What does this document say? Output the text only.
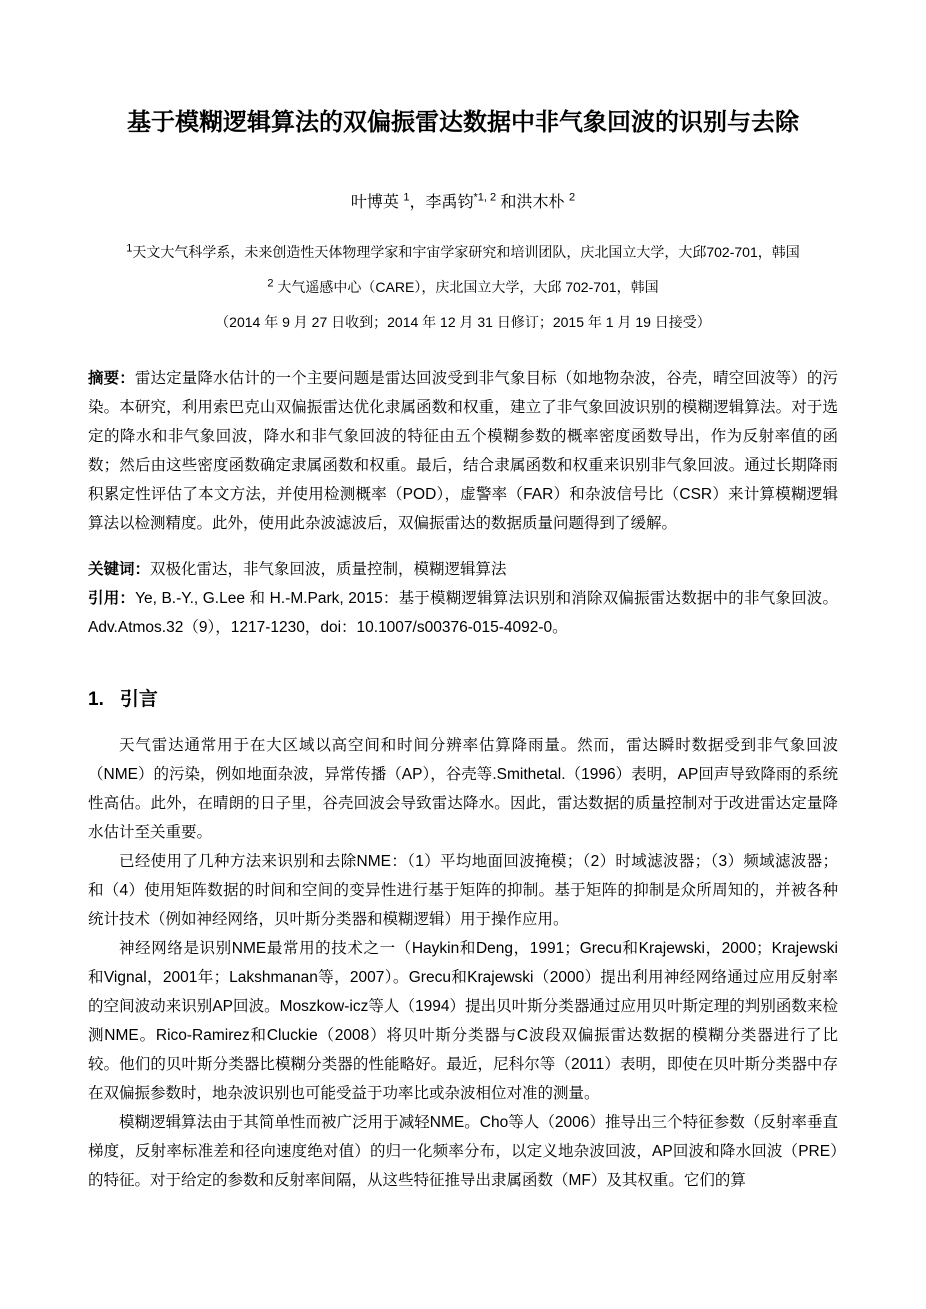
基于模糊逻辑算法的双偏振雷达数据中非气象回波的识别与去除
叶博英 $^1$，李禹钧$^{*1, 2}$ 和洪木朴 $^2$
$^1$天文大气科学系，未来创造性天体物理学家和宇宙学家研究和培训团队，庆北国立大学，大邱702-701，韩国
$^2$ 大气遥感中心（CARE），庆北国立大学，大邱 702-701，韩国
（2014 年 9 月 27 日收到；2014 年 12 月 31 日修订；2015 年 1 月 19 日接受）

摘要：雷达定量降水估计的一个主要问题是雷达回波受到非气象目标（如地物杂波，谷壳，晴空回波等）的污染。本研究，利用索巴克山双偏振雷达优化隶属函数和权重，建立了非气象回波识别的模糊逻辑算法。对于选定的降水和非气象回波，降水和非气象回波的特征由五个模糊参数的概率密度函数导出，作为反射率值的函数；然后由这些密度函数确定隶属函数和权重。最后，结合隶属函数和权重来识别非气象回波。通过长期降雨积累定性评估了本文方法，并使用检测概率（POD），虚警率（FAR）和杂波信号比（CSR）来计算模糊逻辑算法以检测精度。此外，使用此杂波滤波后，双偏振雷达的数据质量问题得到了缓解。

关键词：双极化雷达，非气象回波，质量控制，模糊逻辑算法

引用：Ye, B.-Y., G.Lee 和 H.-M.Park, 2015：基于模糊逻辑算法识别和消除双偏振雷达数据中的非气象回波。Adv.Atmos.32（9），1217-1230，doi：10.1007/s00376-015-4092-0。

1. 引言

天气雷达通常用于在大区域以高空间和时间分辨率估算降雨量。然而，雷达瞬时数据受到非气象回波（NME）的污染，例如地面杂波，异常传播（AP），谷壳等.Smithetal.（1996）表明，AP回声导致降雨的系统性高估。此外，在晴朗的日子里，谷壳回波会导致雷达降水。因此，雷达数据的质量控制对于改进雷达定量降水估计至关重要。

已经使用了几种方法来识别和去除NME：（1）平均地面回波掩模；（2）时域滤波器；（3）频域滤波器；和（4）使用矩阵数据的时间和空间的变异性进行基于矩阵的抑制。基于矩阵的抑制是众所周知的，并被各种统计技术（例如神经网络，贝叶斯分类器和模糊逻辑）用于操作应用。

神经网络是识别NME最常用的技术之一（Haykin和Deng，1991；Grecu和Krajewski，2000；Krajewski和Vignal，2001年；Lakshmanan等，2007）。Grecu和Krajewski（2000）提出利用神经网络通过应用反射率的空间波动来识别AP回波。Moszkow-icz等人（1994）提出贝叶斯分类器通过应用贝叶斯定理的判别函数来检测NME。Rico-Ramirez和Cluckie（2008）将贝叶斯分类器与C波段双偏振雷达数据的模糊分类器进行了比较。他们的贝叶斯分类器比模糊分类器的性能略好。最近，尼科尔等（2011）表明，即使在贝叶斯分类器中存在双偏振参数时，地杂波识别也可能受益于功率比或杂波相位对准的测量。

模糊逻辑算法由于其简单性而被广泛用于减轻NME。Cho等人（2006）推导出三个特征参数（反射率垂直梯度，反射率标准差和径向速度绝对值）的归一化频率分布，以定义地杂波回波，AP回波和降水回波（PRE）的特征。对于给定的参数和反射率间隔，从这些特征推导出隶属函数（MF）及其权重。它们的算
